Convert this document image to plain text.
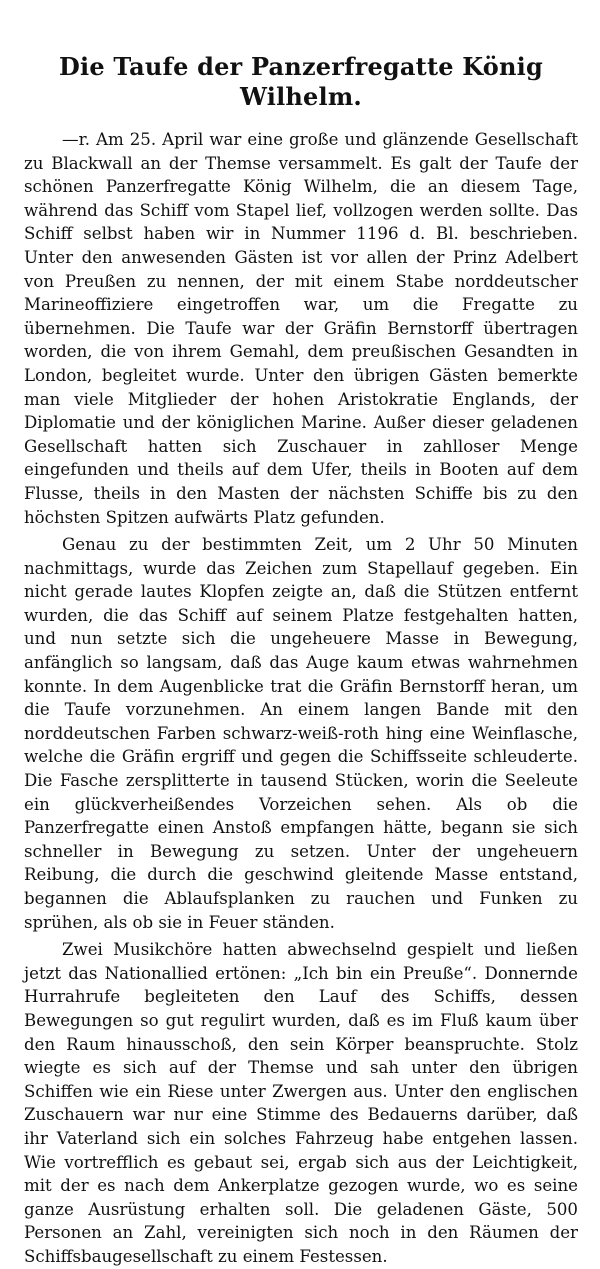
Die Taufe der Panzerfregatte König Wilhelm.

—r. Am 25. April war eine große und glänzende Gesellschaft zu Blackwall an der Themse versammelt. Es galt der Taufe der schönen Panzerfregatte König Wilhelm, die an diesem Tage, während das Schiff vom Stapel lief, vollzogen werden sollte. Das Schiff selbst haben wir in Nummer 1196 d. Bl. beschrieben. Unter den anwesenden Gästen ist vor allen der Prinz Adelbert von Preußen zu nennen, der mit einem Stabe norddeutscher Marineoffiziere eingetroffen war, um die Fregatte zu übernehmen. Die Taufe war der Gräfin Bernstorff übertragen worden, die von ihrem Gemahl, dem preußischen Gesandten in London, begleitet wurde. Unter den übrigen Gästen bemerkte man viele Mitglieder der hohen Aristokratie Englands, der Diplomatie und der königlichen Marine. Außer dieser geladenen Gesellschaft hatten sich Zuschauer in zahlloser Menge eingefunden und theils auf dem Ufer, theils in Booten auf dem Flusse, theils in den Masten der nächsten Schiffe bis zu den höchsten Spitzen aufwärts Platz gefunden.

Genau zu der bestimmten Zeit, um 2 Uhr 50 Minuten nachmittags, wurde das Zeichen zum Stapellauf gegeben. Ein nicht gerade lautes Klopfen zeigte an, daß die Stützen entfernt wurden, die das Schiff auf seinem Platze festgehalten hatten, und nun setzte sich die ungeheuere Masse in Bewegung, anfänglich so langsam, daß das Auge kaum etwas wahrnehmen konnte. In dem Augenblicke trat die Gräfin Bernstorff heran, um die Taufe vorzunehmen. An einem langen Bande mit den norddeutschen Farben schwarz-weiß-roth hing eine Weinflasche, welche die Gräfin ergriff und gegen die Schiffsseite schleuderte. Die Fasche zersplitterte in tausend Stücken, worin die Seeleute ein glückverheißendes Vorzeichen sehen. Als ob die Panzerfregatte einen Anstoß empfangen hätte, begann sie sich schneller in Bewegung zu setzen. Unter der ungeheuern Reibung, die durch die geschwind gleitende Masse entstand, begannen die Ablaufsplanken zu rauchen und Funken zu sprühen, als ob sie in Feuer ständen.

Zwei Musikchöre hatten abwechselnd gespielt und ließen jetzt das Nationallied ertönen: „Ich bin ein Preuße“. Donnernde Hurrahrufe begleiteten den Lauf des Schiffs, dessen Bewegungen so gut regulirt wurden, daß es im Fluß kaum über den Raum hinausschoß, den sein Körper beanspruchte. Stolz wiegte es sich auf der Themse und sah unter den übrigen Schiffen wie ein Riese unter Zwergen aus. Unter den englischen Zuschauern war nur eine Stimme des Bedauerns darüber, daß ihr Vaterland sich ein solches Fahrzeug habe entgehen lassen. Wie vortrefflich es gebaut sei, ergab sich aus der Leichtigkeit, mit der es nach dem Ankerplatze gezogen wurde, wo es seine ganze Ausrüstung erhalten soll. Die geladenen Gäste, 500 Personen an Zahl, vereinigten sich noch in den Räumen der Schiffsbaugesellschaft zu einem Festessen.
